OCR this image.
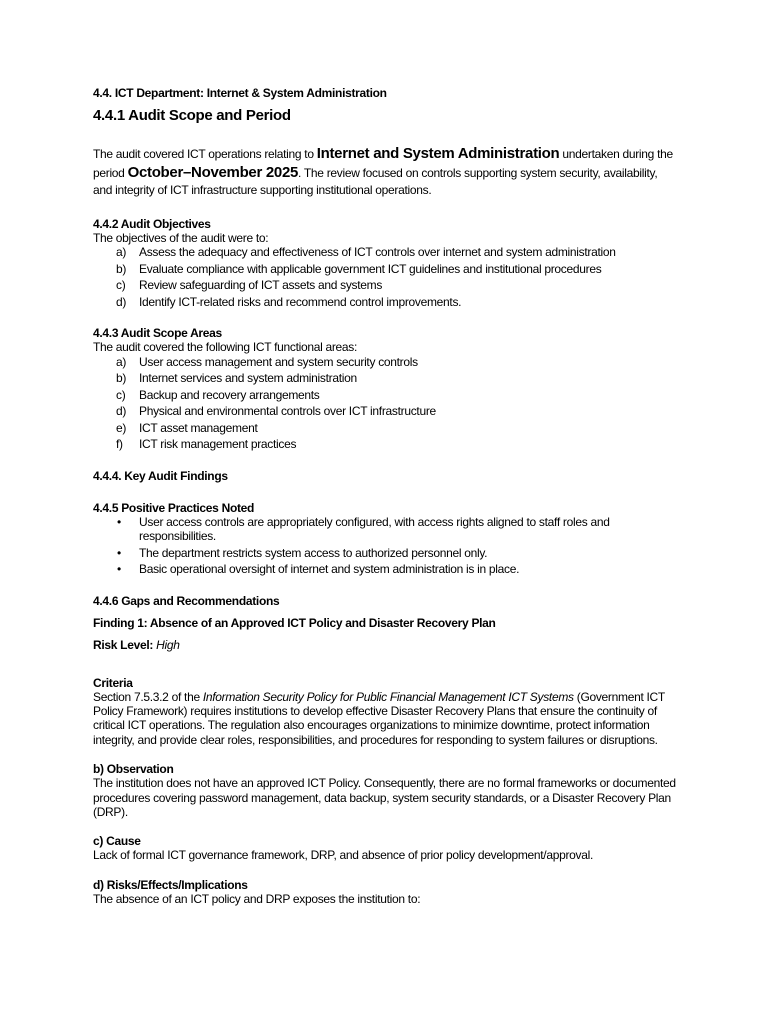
4.4. ICT Department: Internet & System Administration
4.4.1 Audit Scope and Period

The audit covered ICT operations relating to Internet and System Administration undertaken during the period October–November 2025. The review focused on controls supporting system security, availability, and integrity of ICT infrastructure supporting institutional operations.

4.4.2 Audit Objectives

The objectives of the audit were to:

a) Assess the adequacy and effectiveness of ICT controls over internet and system administration
b) Evaluate compliance with applicable government ICT guidelines and institutional procedures
c) Review safeguarding of ICT assets and systems
d) Identify ICT-related risks and recommend control improvements.
4.4.3 Audit Scope Areas

The audit covered the following ICT functional areas:

a) User access management and system security controls
b) Internet services and system administration
c) Backup and recovery arrangements
d) Physical and environmental controls over ICT infrastructure
e) ICT asset management
f) ICT risk management practices
4.4.4. Key Audit Findings
4.4.5 Positive Practices Noted
• User access controls are appropriately configured, with access rights aligned to staff roles and responsibilities.
• The department restricts system access to authorized personnel only.
• Basic operational oversight of internet and system administration is in place.
4.4.6 Gaps and Recommendations
Finding 1: Absence of an Approved ICT Policy and Disaster Recovery Plan

Risk Level: High

Criteria

Section 7.5.3.2 of the Information Security Policy for Public Financial Management ICT Systems (Government ICT Policy Framework) requires institutions to develop effective Disaster Recovery Plans that ensure the continuity of critical ICT operations. The regulation also encourages organizations to minimize downtime, protect information integrity, and provide clear roles, responsibilities, and procedures for responding to system failures or disruptions.

b) Observation

The institution does not have an approved ICT Policy. Consequently, there are no formal frameworks or documented procedures covering password management, data backup, system security standards, or a Disaster Recovery Plan (DRP).

c) Cause

Lack of formal ICT governance framework, DRP, and absence of prior policy development/approval.

d) Risks/Effects/Implications

The absence of an ICT policy and DRP exposes the institution to:
